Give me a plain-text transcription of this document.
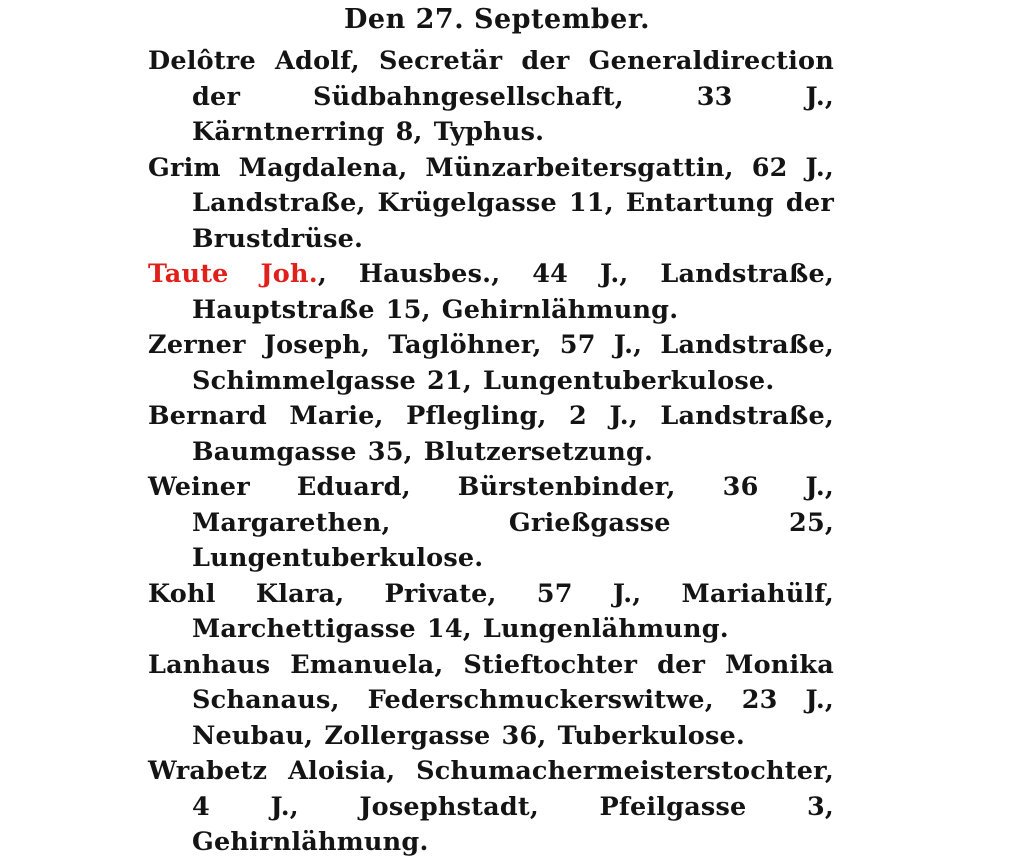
Den 27. September.
Delôtre Adolf, Secretär der Generaldirection der Südbahngesellschaft, 33 J., Kärntnerring 8, Typhus.
Grim Magdalena, Münzarbeitersgattin, 62 J., Landstraße, Krügelgasse 11, Entartung der Brustdrüse.
Taute Joh., Hausbes., 44 J., Landstraße, Hauptstraße 15, Gehirnlähmung.
Zerner Joseph, Taglöhner, 57 J., Landstraße, Schimmelgasse 21, Lungentuberkulose.
Bernard Marie, Pflegling, 2 J., Landstraße, Baumgasse 35, Blutzersetzung.
Weiner Eduard, Bürstenbinder, 36 J., Margarethen, Grießgasse 25, Lungentuberkulose.
Kohl Klara, Private, 57 J., Mariahülf, Marchettigasse 14, Lungenlähmung.
Lanhaus Emanuela, Stieftochter der Monika Schanaus, Federschmuckerswitwe, 23 J., Neubau, Zollergasse 36, Tuberkulose.
Wrabetz Aloisia, Schumachermeisterstochter, 4 J., Josephstadt, Pfeilgasse 3, Gehirnlähmung.
